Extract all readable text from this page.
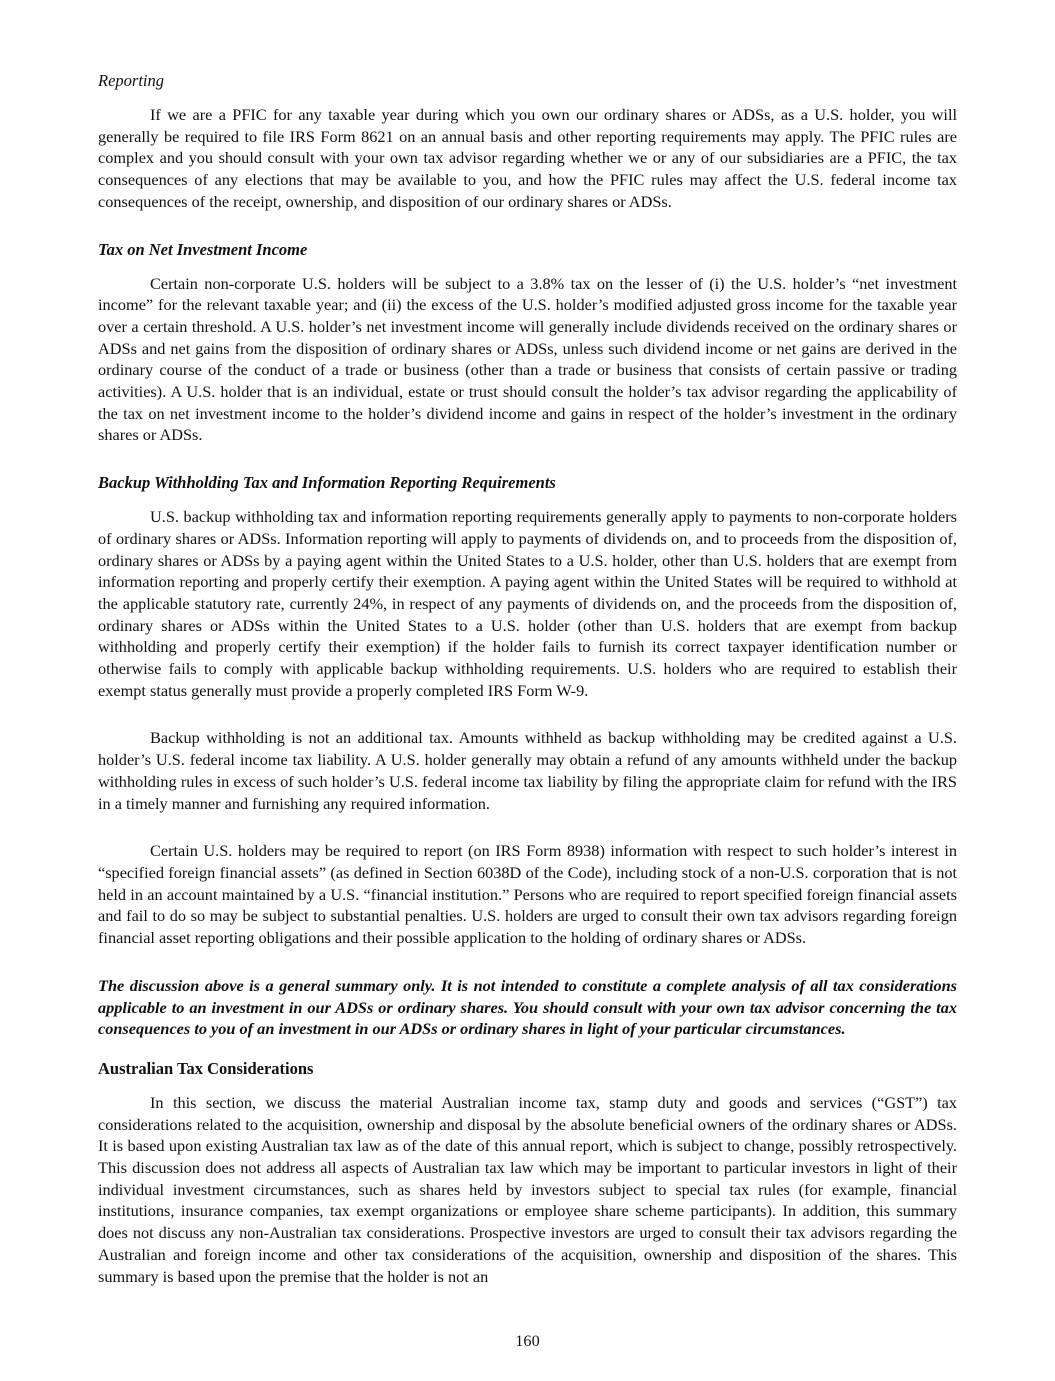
Reporting

If we are a PFIC for any taxable year during which you own our ordinary shares or ADSs, as a U.S. holder, you will generally be required to file IRS Form 8621 on an annual basis and other reporting requirements may apply. The PFIC rules are complex and you should consult with your own tax advisor regarding whether we or any of our subsidiaries are a PFIC, the tax consequences of any elections that may be available to you, and how the PFIC rules may affect the U.S. federal income tax consequences of the receipt, ownership, and disposition of our ordinary shares or ADSs.

Tax on Net Investment Income

Certain non-corporate U.S. holders will be subject to a 3.8% tax on the lesser of (i) the U.S. holder’s “net investment income” for the relevant taxable year; and (ii) the excess of the U.S. holder’s modified adjusted gross income for the taxable year over a certain threshold. A U.S. holder’s net investment income will generally include dividends received on the ordinary shares or ADSs and net gains from the disposition of ordinary shares or ADSs, unless such dividend income or net gains are derived in the ordinary course of the conduct of a trade or business (other than a trade or business that consists of certain passive or trading activities). A U.S. holder that is an individual, estate or trust should consult the holder’s tax advisor regarding the applicability of the tax on net investment income to the holder’s dividend income and gains in respect of the holder’s investment in the ordinary shares or ADSs.

Backup Withholding Tax and Information Reporting Requirements

U.S. backup withholding tax and information reporting requirements generally apply to payments to non-corporate holders of ordinary shares or ADSs. Information reporting will apply to payments of dividends on, and to proceeds from the disposition of, ordinary shares or ADSs by a paying agent within the United States to a U.S. holder, other than U.S. holders that are exempt from information reporting and properly certify their exemption. A paying agent within the United States will be required to withhold at the applicable statutory rate, currently 24%, in respect of any payments of dividends on, and the proceeds from the disposition of, ordinary shares or ADSs within the United States to a U.S. holder (other than U.S. holders that are exempt from backup withholding and properly certify their exemption) if the holder fails to furnish its correct taxpayer identification number or otherwise fails to comply with applicable backup withholding requirements. U.S. holders who are required to establish their exempt status generally must provide a properly completed IRS Form W-9.

Backup withholding is not an additional tax. Amounts withheld as backup withholding may be credited against a U.S. holder’s U.S. federal income tax liability. A U.S. holder generally may obtain a refund of any amounts withheld under the backup withholding rules in excess of such holder’s U.S. federal income tax liability by filing the appropriate claim for refund with the IRS in a timely manner and furnishing any required information.

Certain U.S. holders may be required to report (on IRS Form 8938) information with respect to such holder’s interest in “specified foreign financial assets” (as defined in Section 6038D of the Code), including stock of a non-U.S. corporation that is not held in an account maintained by a U.S. “financial institution.” Persons who are required to report specified foreign financial assets and fail to do so may be subject to substantial penalties. U.S. holders are urged to consult their own tax advisors regarding foreign financial asset reporting obligations and their possible application to the holding of ordinary shares or ADSs.

The discussion above is a general summary only. It is not intended to constitute a complete analysis of all tax considerations applicable to an investment in our ADSs or ordinary shares. You should consult with your own tax advisor concerning the tax consequences to you of an investment in our ADSs or ordinary shares in light of your particular circumstances.

Australian Tax Considerations

In this section, we discuss the material Australian income tax, stamp duty and goods and services (“GST”) tax considerations related to the acquisition, ownership and disposal by the absolute beneficial owners of the ordinary shares or ADSs. It is based upon existing Australian tax law as of the date of this annual report, which is subject to change, possibly retrospectively. This discussion does not address all aspects of Australian tax law which may be important to particular investors in light of their individual investment circumstances, such as shares held by investors subject to special tax rules (for example, financial institutions, insurance companies, tax exempt organizations or employee share scheme participants). In addition, this summary does not discuss any non-Australian tax considerations. Prospective investors are urged to consult their tax advisors regarding the Australian and foreign income and other tax considerations of the acquisition, ownership and disposition of the shares. This summary is based upon the premise that the holder is not an

160
